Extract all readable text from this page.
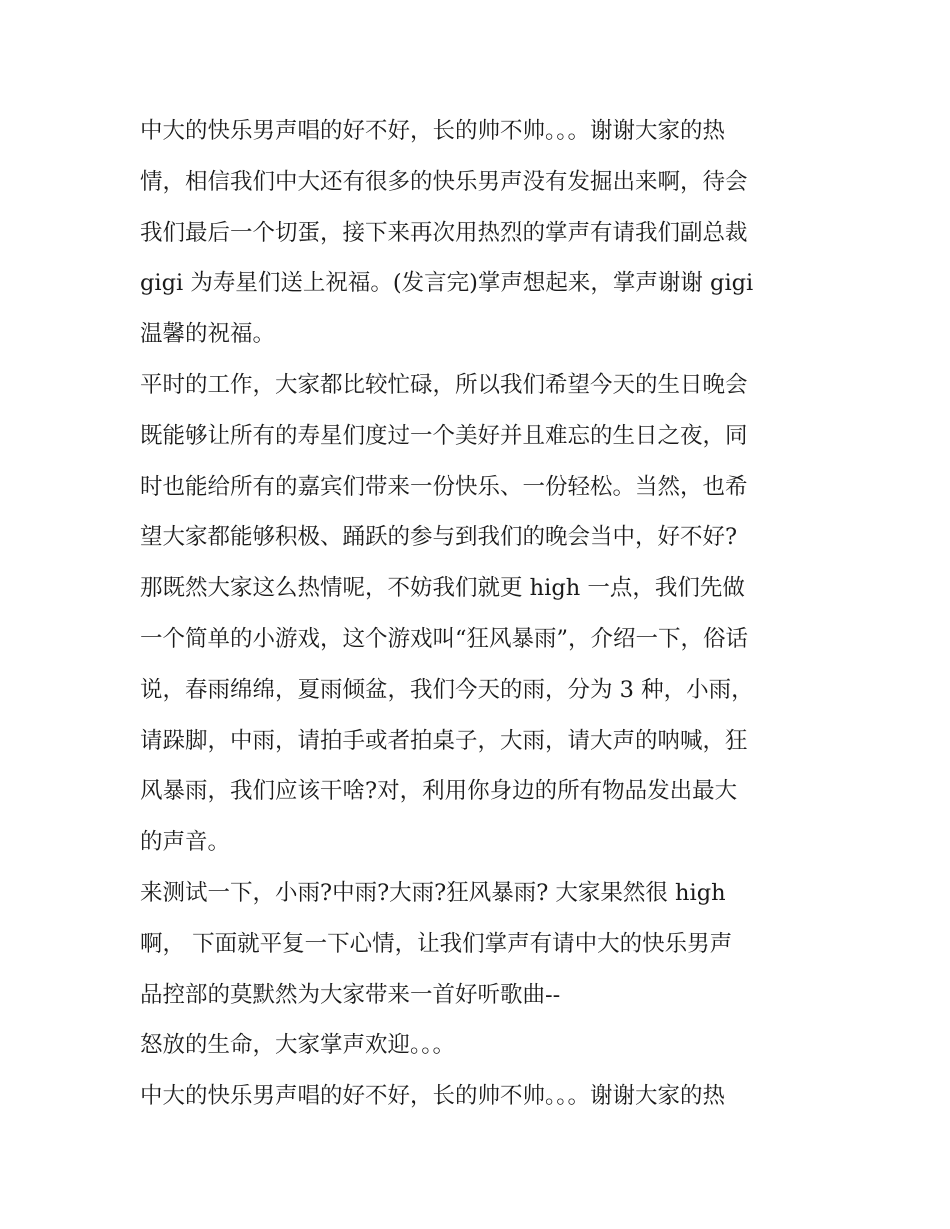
中大的快乐男声唱的好不好，长的帅不帅。。。谢谢大家的热
情，相信我们中大还有很多的快乐男声没有发掘出来啊，待会
我们最后一个切蛋，接下来再次用热烈的掌声有请我们副总裁
gigi 为寿星们送上祝福。(发言完)掌声想起来，掌声谢谢 gigi
温馨的祝福。
平时的工作，大家都比较忙碌，所以我们希望今天的生日晚会
既能够让所有的寿星们度过一个美好并且难忘的生日之夜，同
时也能给所有的嘉宾们带来一份快乐、一份轻松。当然，也希
望大家都能够积极、踊跃的参与到我们的晚会当中，好不好?
那既然大家这么热情呢，不妨我们就更 high 一点，我们先做
一个简单的小游戏，这个游戏叫“狂风暴雨”，介绍一下，俗话
说，春雨绵绵，夏雨倾盆，我们今天的雨，分为 3 种，小雨，
请跺脚，中雨，请拍手或者拍桌子，大雨，请大声的呐喊，狂
风暴雨，我们应该干啥?对，利用你身边的所有物品发出最大
的声音。
来测试一下，小雨?中雨?大雨?狂风暴雨? 大家果然很 high
啊， 下面就平复一下心情，让我们掌声有请中大的快乐男声
品控部的莫默然为大家带来一首好听歌曲--
怒放的生命，大家掌声欢迎。。。
中大的快乐男声唱的好不好，长的帅不帅。。。谢谢大家的热
